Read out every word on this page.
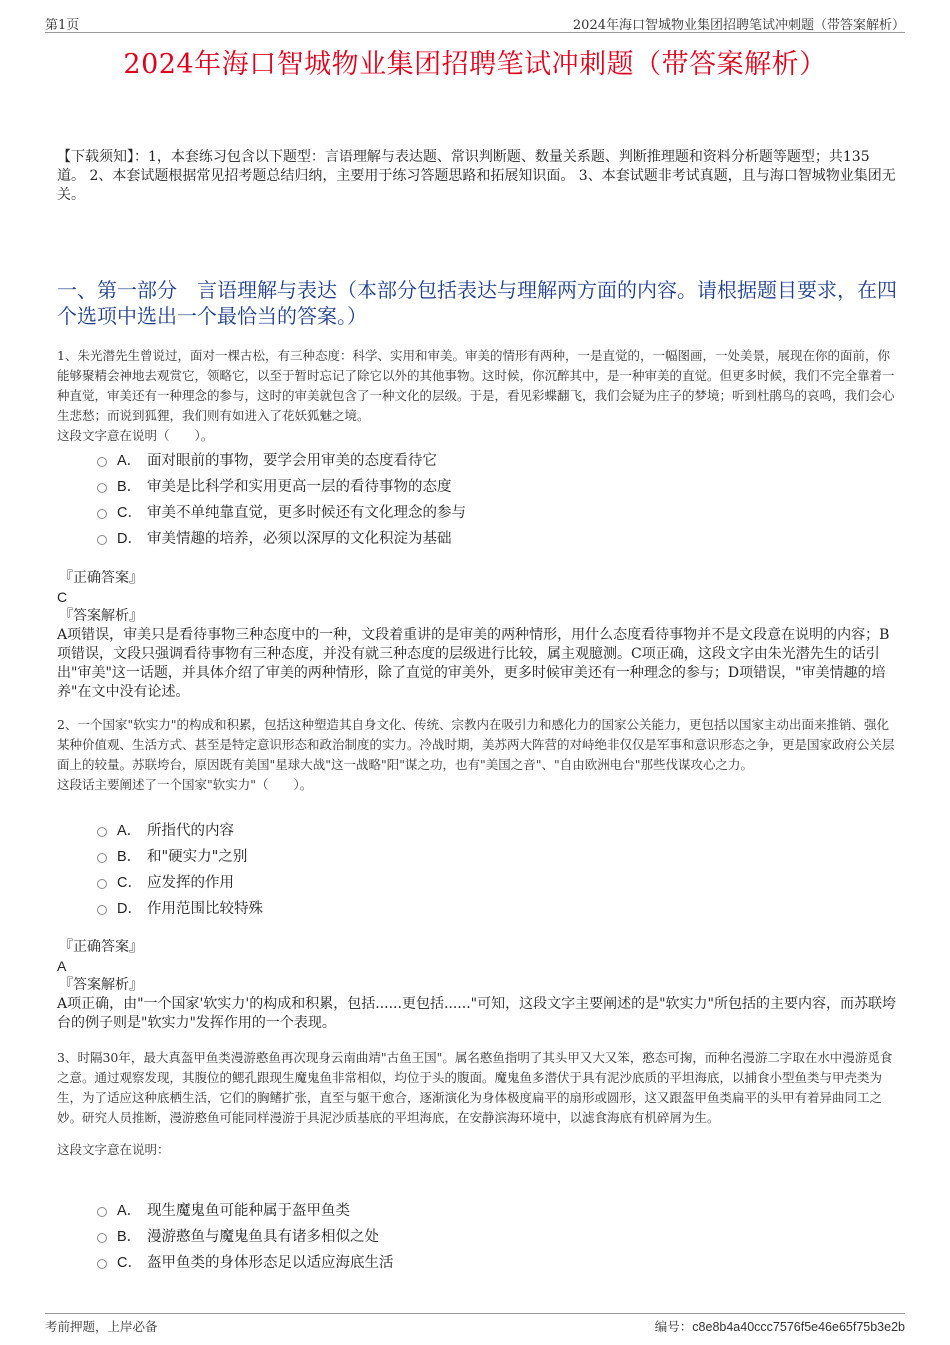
第1页	2024年海口智城物业集团招聘笔试冲刺题（带答案解析）
2024年海口智城物业集团招聘笔试冲刺题（带答案解析）
【下载须知】：1，本套练习包含以下题型：言语理解与表达题、常识判断题、数量关系题、判断推理题和资料分析题等题型；共135道。 2、本套试题根据常见招考题总结归纳，主要用于练习答题思路和拓展知识面。 3、本套试题非考试真题，且与海口智城物业集团无关。
一、第一部分　言语理解与表达（本部分包括表达与理解两方面的内容。请根据题目要求，在四个选项中选出一个最恰当的答案。）

1、朱光潜先生曾说过，面对一棵古松，有三种态度：科学、实用和审美。审美的情形有两种，一是直觉的，一幅图画，一处美景，展现在你的面前，你能够聚精会神地去观赏它，领略它，以至于暂时忘记了除它以外的其他事物。这时候，你沉醉其中，是一种审美的直觉。但更多时候，我们不完全靠着一种直觉，审美还有一种理念的参与，这时的审美就包含了一种文化的层级。于是，看见彩蝶翻飞，我们会疑为庄子的梦境；听到杜鹃鸟的哀鸣，我们会心生悲愁；而说到狐狸，我们则有如进入了花妖狐魅之境。

这段文字意在说明（　　）。

A． 面对眼前的事物，要学会用审美的态度看待它
B． 审美是比科学和实用更高一层的看待事物的态度
C． 审美不单纯靠直觉，更多时候还有文化理念的参与
D． 审美情趣的培养，必须以深厚的文化积淀为基础
『正确答案』
C
『答案解析』

A项错误，审美只是看待事物三种态度中的一种，文段着重讲的是审美的两种情形，用什么态度看待事物并不是文段意在说明的内容；B项错误，文段只强调看待事物有三种态度，并没有就三种态度的层级进行比较，属主观臆测。C项正确，这段文字由朱光潜先生的话引出"审美"这一话题，并具体介绍了审美的两种情形，除了直觉的审美外，更多时候审美还有一种理念的参与；D项错误，"审美情趣的培养"在文中没有论述。

2、一个国家"软实力"的构成和积累，包括这种塑造其自身文化、传统、宗教内在吸引力和感化力的国家公关能力，更包括以国家主动出面来推销、强化某种价值观、生活方式、甚至是特定意识形态和政治制度的实力。冷战时期，美苏两大阵营的对峙绝非仅仅是军事和意识形态之争，更是国家政府公关层面上的较量。苏联垮台，原因既有美国"星球大战"这一战略"阳"谋之功，也有"美国之音"、"自由欧洲电台"那些伐谋攻心之力。

这段话主要阐述了一个国家"软实力"（　　）。

A． 所指代的内容
B． 和"硬实力"之别
C． 应发挥的作用
D． 作用范围比较特殊
『正确答案』
A
『答案解析』

A项正确，由"一个国家'软实力'的构成和积累，包括......更包括......"可知，这段文字主要阐述的是"软实力"所包括的主要内容，而苏联垮台的例子则是"软实力"发挥作用的一个表现。

3、时隔30年，最大真盔甲鱼类漫游憨鱼再次现身云南曲靖"古鱼王国"。属名憨鱼指明了其头甲又大又笨，憨态可掬，而种名漫游二字取在水中漫游觅食之意。通过观察发现，其腹位的鳃孔跟现生魔鬼鱼非常相似，均位于头的腹面。魔鬼鱼多潜伏于具有泥沙底质的平坦海底，以捕食小型鱼类与甲壳类为生，为了适应这种底栖生活，它们的胸鳍扩张，直至与躯干愈合，逐渐演化为身体极度扁平的扇形或圆形，这又跟盔甲鱼类扁平的头甲有着异曲同工之妙。研究人员推断，漫游憨鱼可能同样漫游于具泥沙质基底的平坦海底，在安静滨海环境中，以滤食海底有机碎屑为生。

这段文字意在说明：

A． 现生魔鬼鱼可能种属于盔甲鱼类
B． 漫游憨鱼与魔鬼鱼具有诸多相似之处
C． 盔甲鱼类的身体形态足以适应海底生活
考前押题，上岸必备	编号：c8e8b4a40ccc7576f5e46e65f75b3e2b
